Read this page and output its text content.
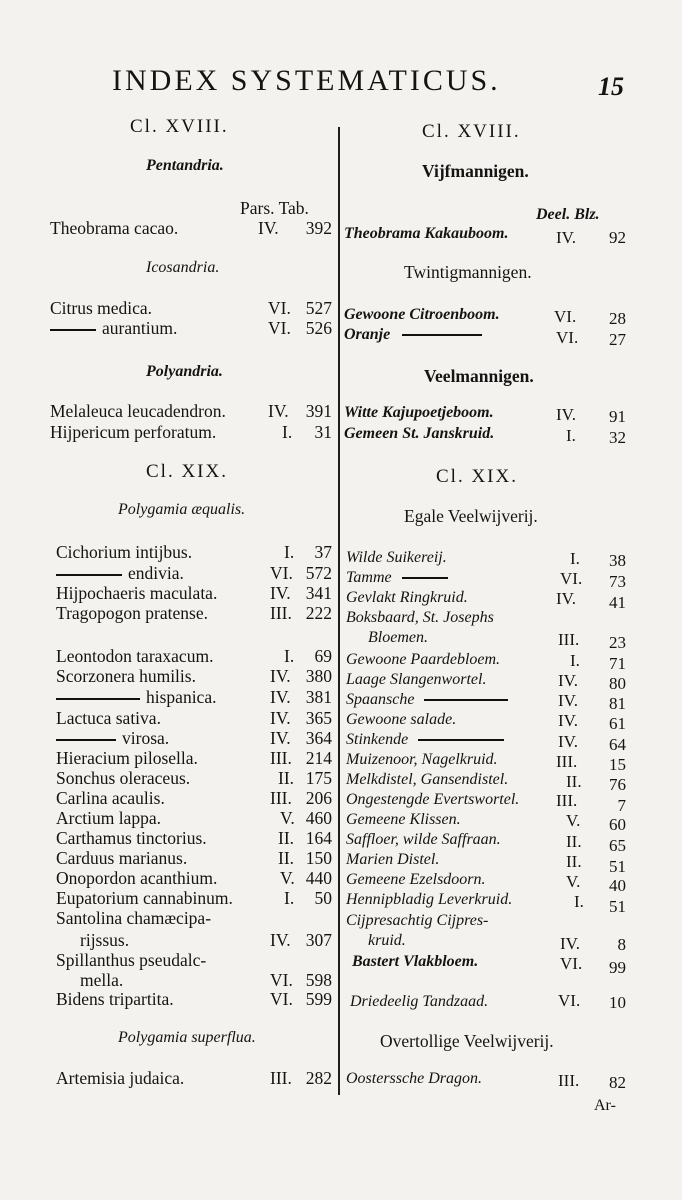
INDEX SYSTEMATICUS.	15
Cl. XVIII.
Pentandria.
Pars. Tab.
Theobrama cacao.	IV.	392
Icosandria.
Citrus medica.	VI. 527
aurantium.	VI. 526
Polyandria.
Melaleuca leucadendron. IV. 391
Hijpericum perforatum.	I.	31
Cl. XIX.
Polygamia æqualis.
Cichorium intijbus.	I.	37
endivia.	VI. 572
Hijpochaeris maculata.	IV. 341
Tragopogon pratense.	III. 222
Leontodon taraxacum.	I.	69
Scorzonera humilis.	IV. 380
hispanica.	IV. 381
Lactuca sativa.	IV. 365
virosa.	IV. 364
Hieracium pilosella.	III. 214
Sonchus oleraceus.	II. 175
Carlina acaulis.	III. 206
Arctium lappa.	V. 460
Carthamus tinctorius.	II. 164
Carduus marianus.	II. 150
Onopordon acanthium.	V. 440
Eupatorium cannabinum.	I.	50
Santolina chamæcipa-
rijssus.	IV. 307
Spillanthus pseudalc-
mella.	VI. 598
Bidens tripartita.	VI. 599
Polygamia superflua.
Artemisia judaica.	III. 282
Cl. XVIII.
Vijfmannigen.
Deel. Blz.
Theobrama Kakauboom.	IV.	92
Twintigmannigen.
Gewoone Citroenboom.	VI.	28
Oranje	VI.	27
Veelmannigen.
Witte Kajupoetjeboom.	IV.	91
Gemeen St. Janskruid.	I.	32
Cl. XIX.
Egale Veelwijverij.
Wilde Suikereij.	I.	38
Tamme	VI.	73
Gevlakt Ringkruid.	IV.	41
Boksbaard, St. Josephs
Bloemen.	III.	23
Gewoone Paardebloem.	I.	71
Laage Slangenwortel.	IV.	80
Spaansche	IV.	81
Gewoone salade.	IV.	61
Stinkende	IV.	64
Muizenoor, Nagelkruid.	III.	15
Melkdistel, Gansendistel.	II.	76
Ongestengde Evertswortel. III.	7
Gemeene Klissen.	V.	60
Saffloer, wilde Saffraan.	II.	65
Marien Distel.	II.	51
Gemeene Ezelsdoorn.	V.	40
Hennipbladig Leverkruid.	I.	51
Cijpresachtig Cijpres-
kruid.	IV.	8
Bastert Vlakbloem.	VI.	99
Driedeelig Tandzaad.	VI.	10
Overtollige Veelwijverij.
Oosterssche Dragon.	III.	82
Ar-
